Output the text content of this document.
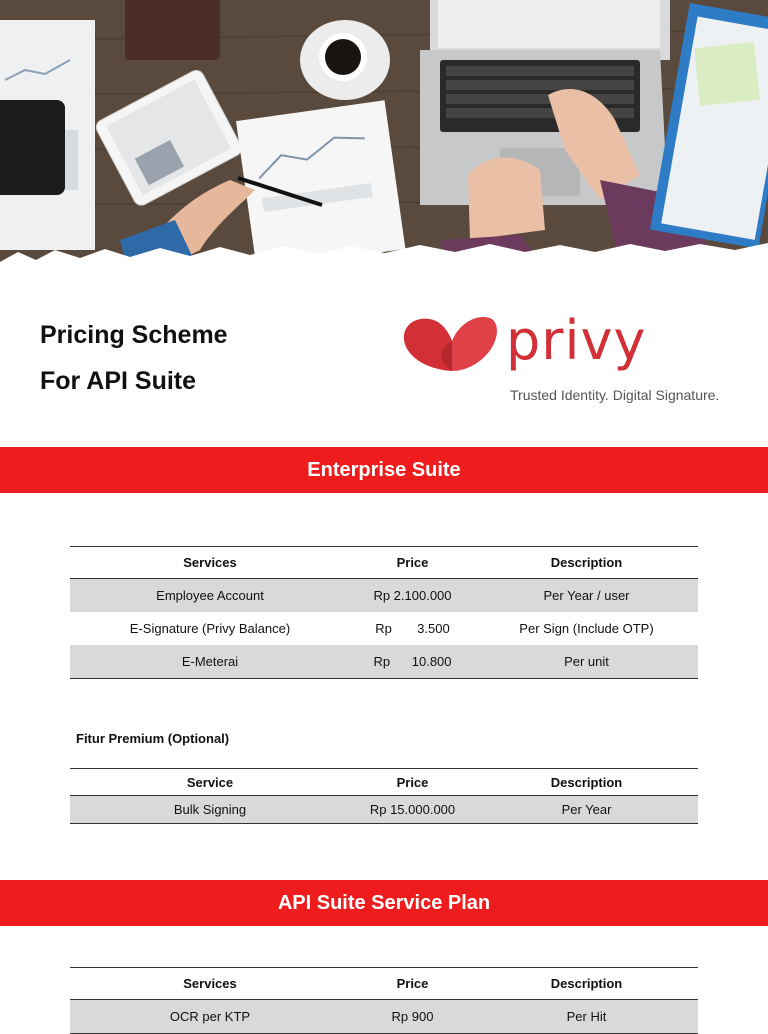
Pricing Scheme
For API Suite
privy
Trusted Identity. Digital Signature.
Enterprise Suite
Services	Price	Description
Employee Account	Rp 2.100.000	Per Year / user
E-Signature (Privy Balance)	Rp       3.500	Per Sign (Include OTP)
E-Meterai	Rp      10.800	Per unit
Fitur Premium (Optional)
Service	Price	Description
Bulk Signing	Rp 15.000.000	Per Year
API Suite Service Plan
Services	Price	Description
OCR per KTP	Rp 900	Per Hit
